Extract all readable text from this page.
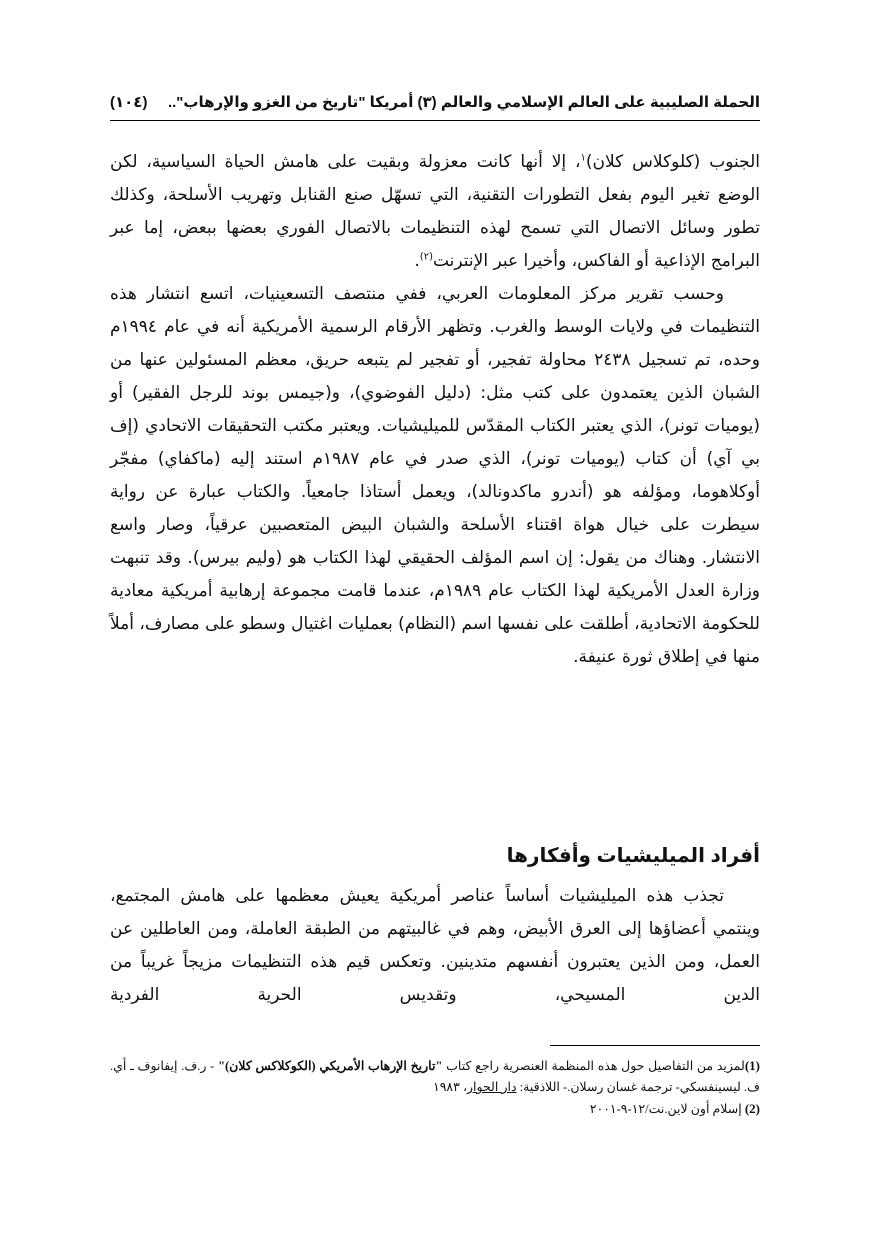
الحملة الصليبية على العالم الإسلامي والعالم (٣) أمريكا "تاريخ من الغزو والإرهاب"..
(١٠٤)

الجنوب (كلوكلاس كلان)$^١$، إلا أنها كانت معزولة وبقيت على هامش الحياة السياسية، لكن الوضع تغير اليوم بفعل التطورات التقنية، التي تسهّل صنع القنابل وتهريب الأسلحة، وكذلك تطور وسائل الاتصال التي تسمح لهذه التنظيمات بالاتصال الفوري بعضها ببعض، إما عبر البرامج الإذاعية أو الفاكس، وأخيرا عبر الإنترنت$^{(٢)}$.

وحسب تقرير مركز المعلومات العربي، ففي منتصف التسعينيات، اتسع انتشار هذه التنظيمات في ولايات الوسط والغرب. وتظهر الأرقام الرسمية الأمريكية أنه في عام ١٩٩٤م وحده، تم تسجيل ٢٤٣٨ محاولة تفجير، أو تفجير لم يتبعه حريق، معظم المسئولين عنها من الشبان الذين يعتمدون على كتب مثل: (دليل الفوضوي)، و(جيمس بوند للرجل الفقير) أو (يوميات تونر)، الذي يعتبر الكتاب المقدّس للميليشيات. ويعتبر مكتب التحقيقات الاتحادي (إف بي آي) أن كتاب (يوميات تونر)، الذي صدر في عام ١٩٨٧م استند إليه (ماكفاي) مفجّر أوكلاهوما، ومؤلفه هو (أندرو ماكدونالد)، ويعمل أستاذا جامعياً. والكتاب عبارة عن رواية سيطرت على خيال هواة اقتناء الأسلحة والشبان البيض المتعصبين عرقياً، وصار واسع الانتشار. وهناك من يقول: إن اسم المؤلف الحقيقي لهذا الكتاب هو (وليم بيرس). وقد تنبهت وزارة العدل الأمريكية لهذا الكتاب عام ١٩٨٩م، عندما قامت مجموعة إرهابية أمريكية معادية للحكومة الاتحادية، أطلقت على نفسها اسم (النظام) بعمليات اغتيال وسطو على مصارف، أملاً منها في إطلاق ثورة عنيفة.

أفراد الميليشيات وأفكارها

تجذب هذه الميليشيات أساساً عناصر أمريكية يعيش معظمها على هامش المجتمع، وينتمي أعضاؤها إلى العرق الأبيض، وهم في غالبيتهم من الطبقة العاملة، ومن العاطلين عن العمل، ومن الذين يعتبرون أنفسهم متدينين. وتعكس قيم هذه التنظيمات مزيجاً غريباً من الدين المسيحي، وتقديس الحرية الفردية

(1)لمزيد من التفاصيل حول هذه المنظمة العنصرية راجع كتاب "تاريخ الإرهاب الأمريكي (الكوكلاكس كلان)" - ر.ف. إيفانوف ـ أي. ف. ليسينفسكي- ترجمة غسان رسلان.- اللاذقية: دار الحوار، ١٩٨٣

(2) إسلام أون لاين.نت/١٢-٩-٢٠٠١
